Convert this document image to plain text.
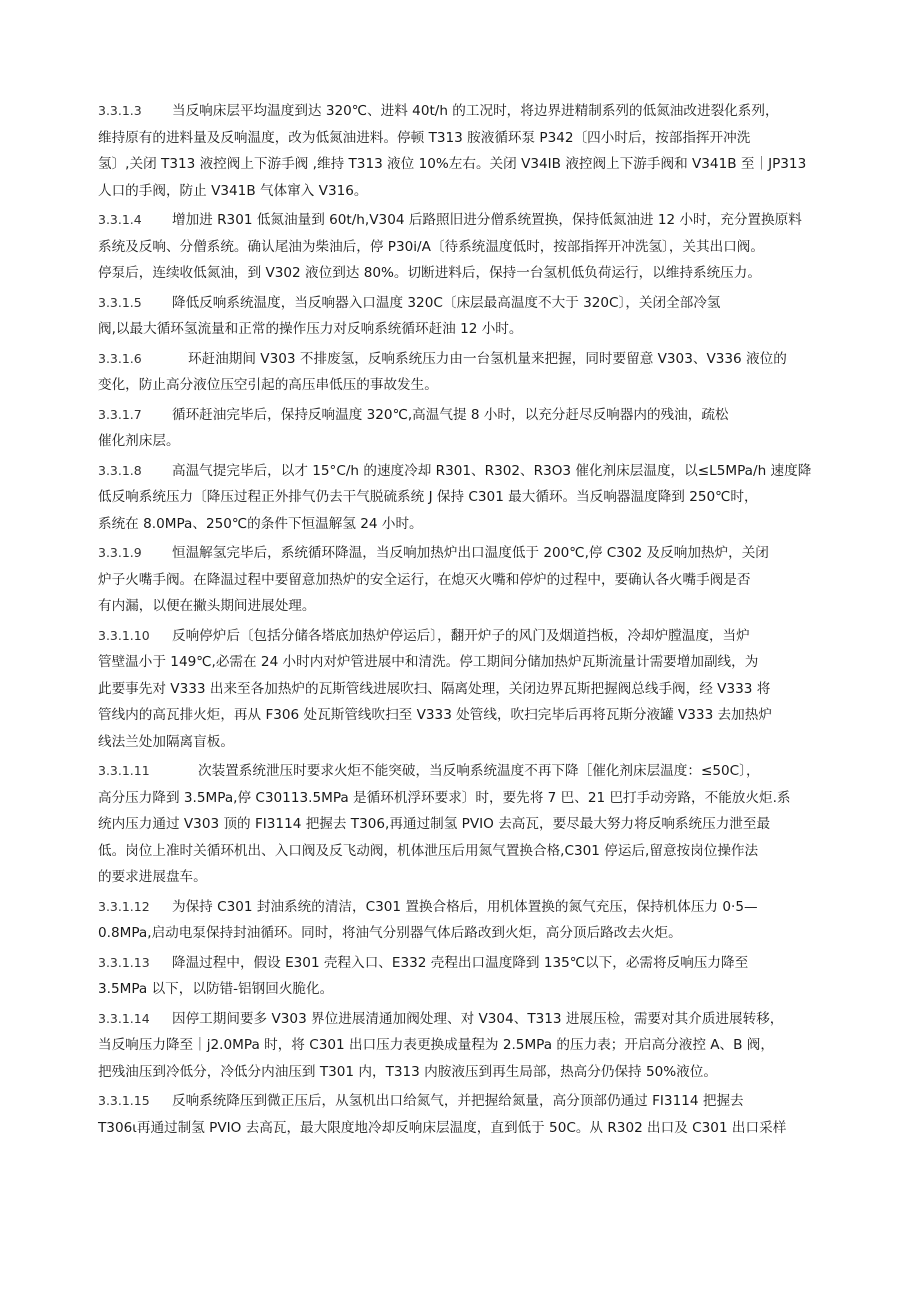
3.3.1.3 当反响床层平均温度到达 320℃、进料 40t/h 的工况时，将边界进精制系列的低氮油改进裂化系列，
维持原有的进料量及反响温度，改为低氮油进料。停顿 T313 胺液循环泵 P342〔四小时后，按部指挥开冲洗
氢〕,关闭 T313 液控阀上下游手阀 ,维持 T313 液位 10%左右。关闭 V34IB 液控阀上下游手阀和 V341B 至｜JP313
人口的手阀，防止 V341B 气体窜入 V316。
3.3.1.4 增加进 R301 低氮油量到 60t/h,V304 后路照旧进分僧系统置换，保持低氮油进 12 小时，充分置换原料
系统及反响、分僧系统。确认尾油为柴油后，停 P30i/A〔待系统温度低时，按部指挥开冲洗氢〕，关其出口阀。
停泵后，连续收低氮油，到 V302 液位到达 80%。切断进料后，保持一台氢机低负荷运行，以维持系统压力。
3.3.1.5 降低反响系统温度，当反响器入口温度 320C〔床层最高温度不大于 320C〕，关闭全部冷氢
阀,以最大循环氢流量和正常的操作压力对反响系统循环赶油 12 小时。
3.3.1.6	环赶油期间 V303 不排废氢，反响系统压力由一台氢机量来把握，同时要留意 V303、V336 液位的
变化，防止高分液位压空引起的高压串低压的事故发生。
3.3.1.7 循环赶油完毕后，保持反响温度 320℃,高温气提 8 小时，以充分赶尽反响器内的残油，疏松
催化剂床层。
3.3.1.8 高温气提完毕后，以才 15°C/h 的速度冷却 R301、R302、R3O3 催化剂床层温度，以≤L5MPa/h 速度降
低反响系统压力〔降压过程正外排气仍去干气脱硫系统 J 保持 C301 最大循环。当反响器温度降到 250℃时，
系统在 8.0MPa、250℃的条件下恒温解氢 24 小时。
3.3.1.9 恒温解氢完毕后，系统循环降温，当反响加热炉出口温度低于 200℃,停 C302 及反响加热炉，关闭
炉子火嘴手阀。在降温过程中要留意加热炉的安全运行，在熄灭火嘴和停炉的过程中，要确认各火嘴手阀是否
有内漏，以便在撇头期间进展处理。
3.3.1.10 反响停炉后〔包括分储各塔底加热炉停运后〕，翻开炉子的风门及烟道挡板，冷却炉膛温度，当炉
管壁温小于 149℃,必需在 24 小时内对炉管进展中和清洗。停工期间分储加热炉瓦斯流量计需要增加副线，为
此要事先对 V333 出来至各加热炉的瓦斯管线进展吹扫、隔离处理，关闭边界瓦斯把握阀总线手阀，经 V333 将
管线内的高瓦排火炬，再从 F306 处瓦斯管线吹扫至 V333 处管线，吹扫完毕后再将瓦斯分液罐 V333 去加热炉
线法兰处加隔离盲板。
3.3.1.11	次装置系统泄压时要求火炬不能突破，当反响系统温度不再下降［催化剂床层温度：≤50C〕，
高分压力降到 3.5MPa,停 C30113.5MPa 是循环机浮环要求〕时，要先将 7 巴、21 巴打手动旁路，不能放火炬.系
统内压力通过 V303 顶的 FI3114 把握去 T306,再通过制氢 PVIO 去高瓦，要尽最大努力将反响系统压力泄至最
低。岗位上准时关循环机出、入口阀及反飞动阀，机体泄压后用氮气置换合格,C301 停运后,留意按岗位操作法
的要求进展盘车。
3.3.1.12 为保持 C301 封油系统的清洁，C301 置换合格后，用机体置换的氮气充压，保持机体压力 0·5—
0.8MPa,启动电泵保持封油循环。同时，将油气分别器气体后路改到火炬，高分顶后路改去火炬。
3.3.1.13 降温过程中，假设 E301 壳程入口、E332 壳程出口温度降到 135℃以下，必需将反响压力降至
3.5MPa 以下，以防错-铝钢回火脆化。
3.3.1.14 因停工期间要多 V303 界位进展清通加阀处理、对 V304、T313 进展压检，需要对其介质进展转移，
当反响压力降至｜j2.0MPa 时，将 C301 出口压力表更换成量程为 2.5MPa 的压力表；开启高分液控 A、B 阀，
把残油压到冷低分，冷低分内油压到 T301 内，T313 内胺液压到再生局部，热高分仍保持 50%液位。
3.3.1.15 反响系统降压到微正压后，从氢机出口给氮气，并把握给氮量，高分顶部仍通过 FI3114 把握去
T306ι再通过制氢 PVIO 去高瓦，最大限度地冷却反响床层温度，直到低于 50C。从 R302 出口及 C301 出口采样
